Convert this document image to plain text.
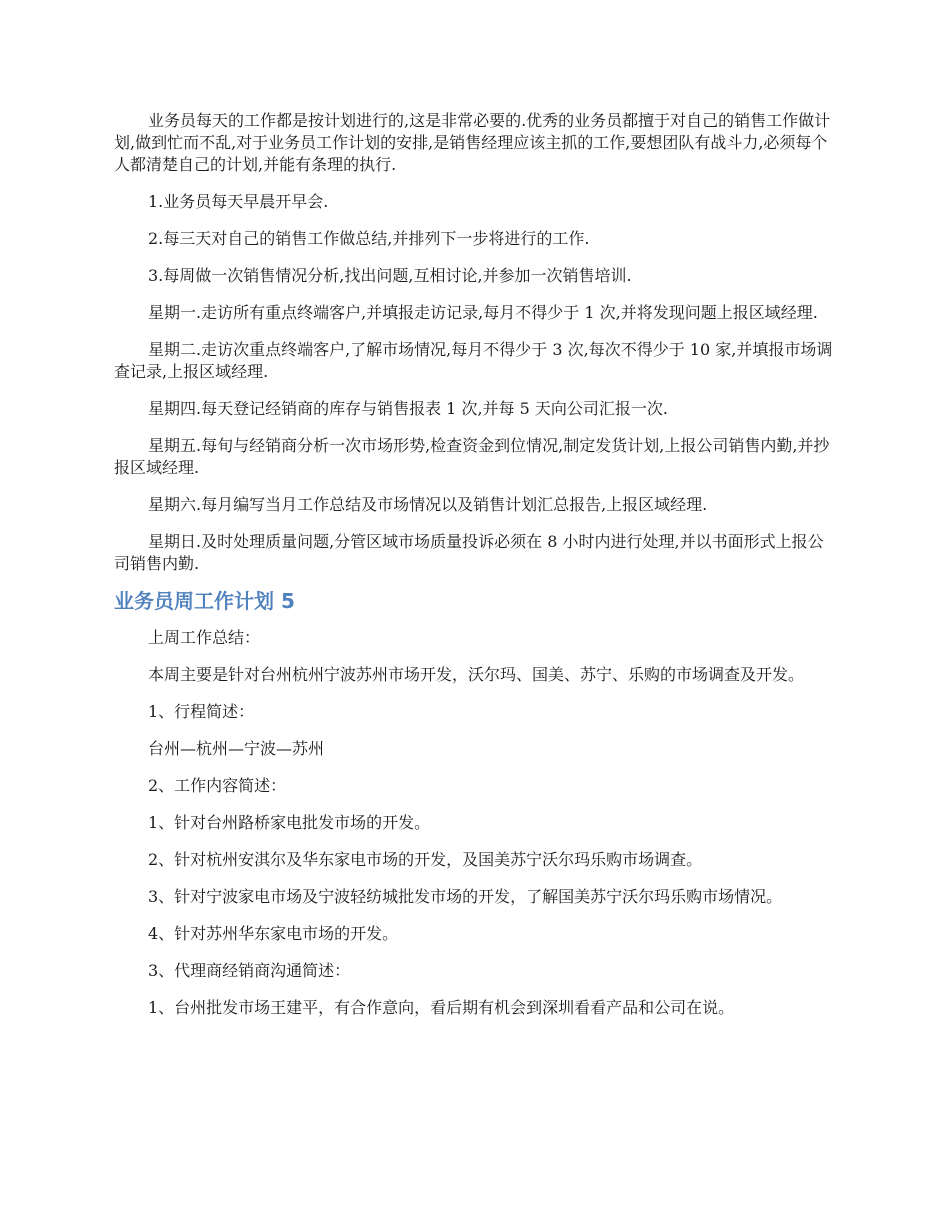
业务员每天的工作都是按计划进行的,这是非常必要的.优秀的业务员都擅于对自己的销售工作做计划,做到忙而不乱,对于业务员工作计划的安排,是销售经理应该主抓的工作,要想团队有战斗力,必须每个人都清楚自己的计划,并能有条理的执行.

1.业务员每天早晨开早会.

2.每三天对自己的销售工作做总结,并排列下一步将进行的工作.

3.每周做一次销售情况分析,找出问题,互相讨论,并参加一次销售培训.

星期一.走访所有重点终端客户,并填报走访记录,每月不得少于 1 次,并将发现问题上报区域经理.

星期二.走访次重点终端客户,了解市场情况,每月不得少于 3 次,每次不得少于 10 家,并填报市场调查记录,上报区域经理.

星期四.每天登记经销商的库存与销售报表 1 次,并每 5 天向公司汇报一次.

星期五.每旬与经销商分析一次市场形势,检查资金到位情况,制定发货计划,上报公司销售内勤,并抄报区域经理.

星期六.每月编写当月工作总结及市场情况以及销售计划汇总报告,上报区域经理.

星期日.及时处理质量问题,分管区域市场质量投诉必须在 8 小时内进行处理,并以书面形式上报公司销售内勤.

业务员周工作计划 5

上周工作总结：

本周主要是针对台州杭州宁波苏州市场开发，沃尔玛、国美、苏宁、乐购的市场调查及开发。

1、行程简述：

台州—杭州—宁波—苏州

2、工作内容简述：

1、针对台州路桥家电批发市场的开发。

2、针对杭州安淇尔及华东家电市场的开发，及国美苏宁沃尔玛乐购市场调查。

3、针对宁波家电市场及宁波轻纺城批发市场的开发，了解国美苏宁沃尔玛乐购市场情况。

4、针对苏州华东家电市场的开发。

3、代理商经销商沟通简述：

1、台州批发市场王建平，有合作意向，看后期有机会到深圳看看产品和公司在说。
